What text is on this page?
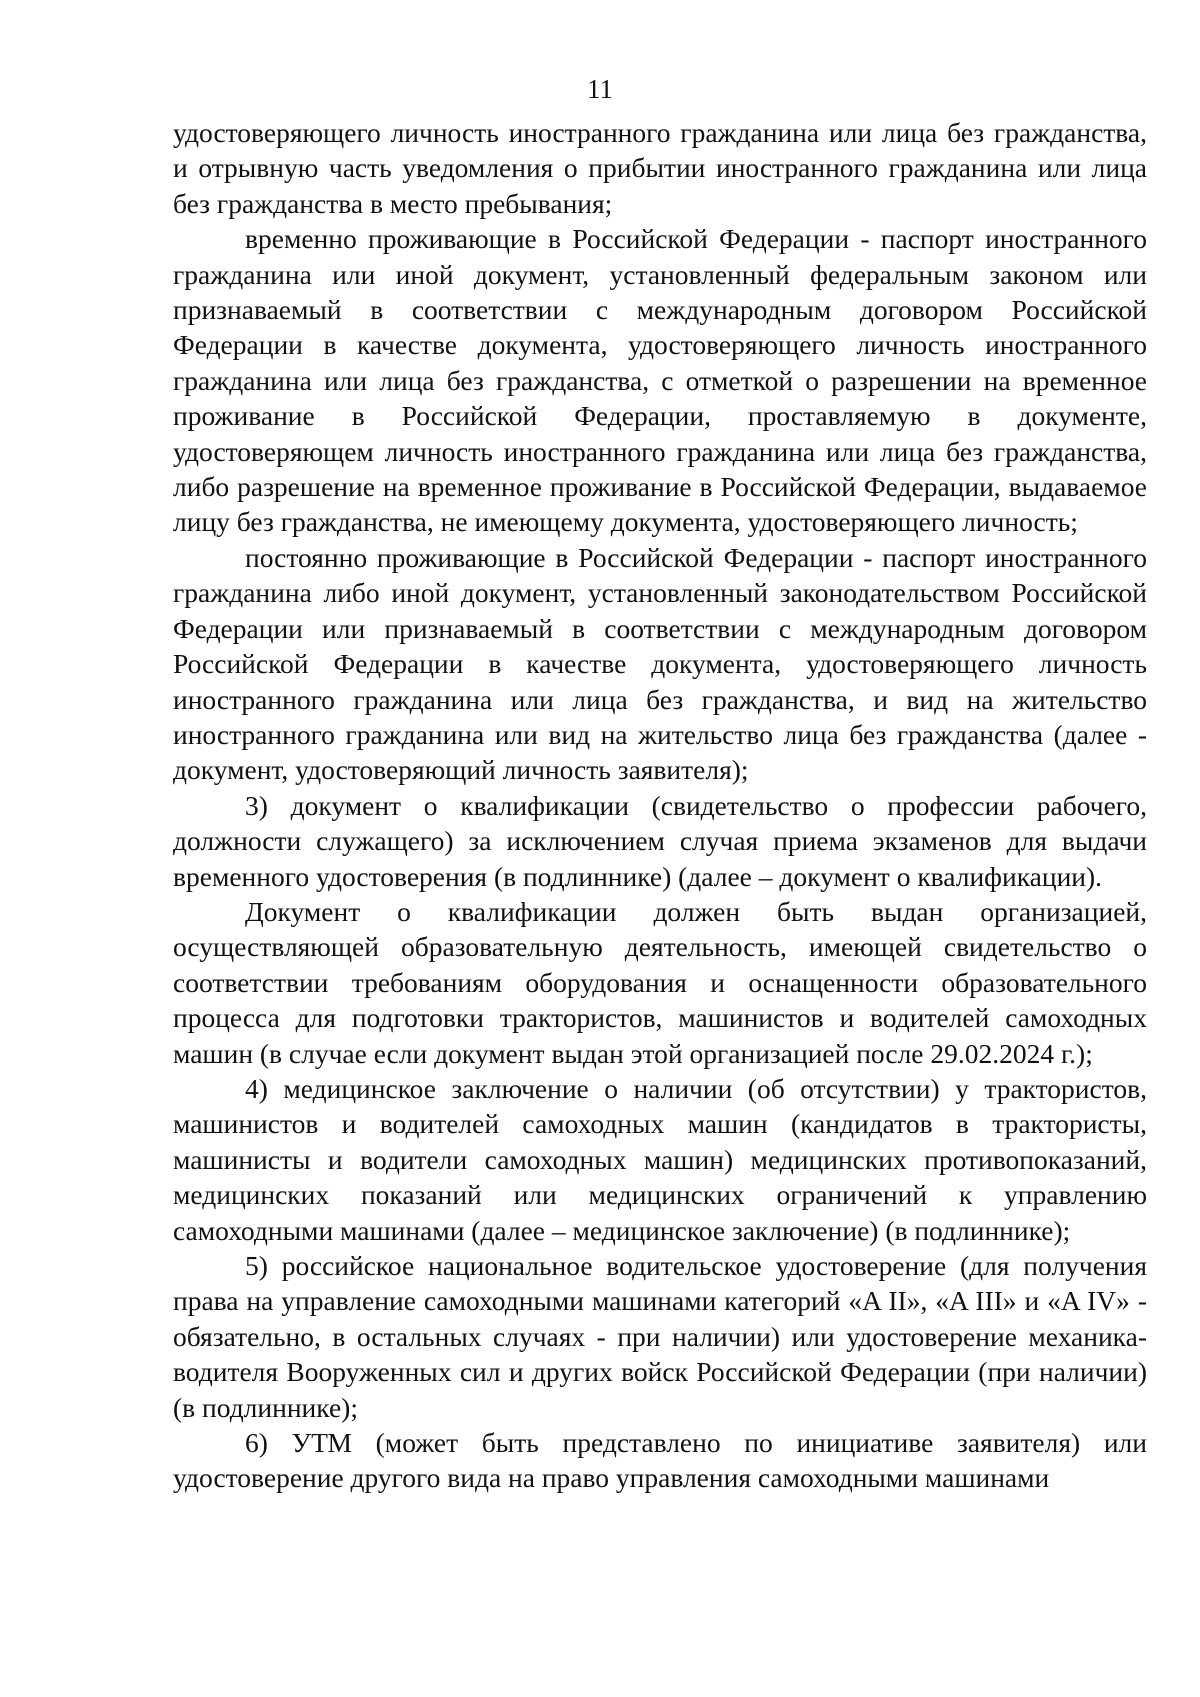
11

удостоверяющего личность иностранного гражданина или лица без гражданства, и отрывную часть уведомления о прибытии иностранного гражданина или лица без гражданства в место пребывания;

временно проживающие в Российской Федерации - паспорт иностранного гражданина или иной документ, установленный федеральным законом или признаваемый в соответствии с международным договором Российской Федерации в качестве документа, удостоверяющего личность иностранного гражданина или лица без гражданства, с отметкой о разрешении на временное проживание в Российской Федерации, проставляемую в документе, удостоверяющем личность иностранного гражданина или лица без гражданства, либо разрешение на временное проживание в Российской Федерации, выдаваемое лицу без гражданства, не имеющему документа, удостоверяющего личность;

постоянно проживающие в Российской Федерации - паспорт иностранного гражданина либо иной документ, установленный законодательством Российской Федерации или признаваемый в соответствии с международным договором Российской Федерации в качестве документа, удостоверяющего личность иностранного гражданина или лица без гражданства, и вид на жительство иностранного гражданина или вид на жительство лица без гражданства (далее - документ, удостоверяющий личность заявителя);

3) документ о квалификации (свидетельство о профессии рабочего, должности служащего) за исключением случая приема экзаменов для выдачи временного удостоверения (в подлиннике) (далее – документ о квалификации).

Документ о квалификации должен быть выдан организацией, осуществляющей образовательную деятельность, имеющей свидетельство о соответствии требованиям оборудования и оснащенности образовательного процесса для подготовки трактористов, машинистов и водителей самоходных машин (в случае если документ выдан этой организацией после 29.02.2024 г.);

4) медицинское заключение о наличии (об отсутствии) у трактористов, машинистов и водителей самоходных машин (кандидатов в трактористы, машинисты и водители самоходных машин) медицинских противопоказаний, медицинских показаний или медицинских ограничений к управлению самоходными машинами (далее – медицинское заключение) (в подлиннике);

5) российское национальное водительское удостоверение (для получения права на управление самоходными машинами категорий «A II», «A III» и «A IV» - обязательно, в остальных случаях - при наличии) или удостоверение механика-водителя Вооруженных сил и других войск Российской Федерации (при наличии) (в подлиннике);

6) УТМ (может быть представлено по инициативе заявителя) или удостоверение другого вида на право управления самоходными машинами
